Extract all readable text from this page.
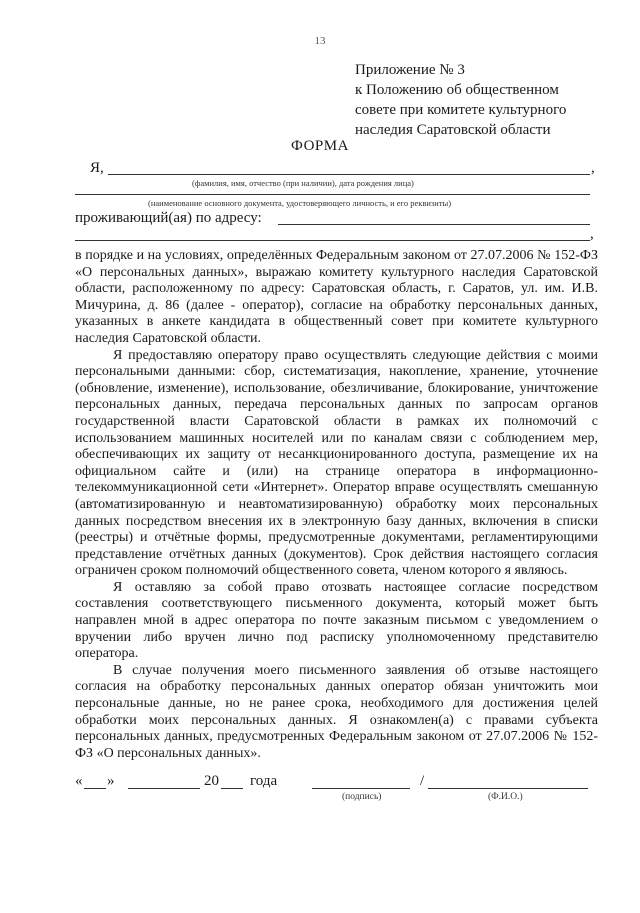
13
Приложение № 3
к Положению об общественном
совете при комитете культурного
наследия Саратовской области
ФОРМА
Я,	,
(фамилия, имя, отчество (при наличии), дата рождения лица)
(наименование основного документа, удостоверяющего личность, и его реквизиты)
проживающий(ая) по адресу:
,

в порядке и на условиях, определённых Федеральным законом от 27.07.2006 № 152-ФЗ «О персональных данных», выражаю комитету культурного наследия Саратовской области, расположенному по адресу: Саратовская область, г. Саратов, ул. им. И.В. Мичурина, д. 86 (далее - оператор), согласие на обработку персональных данных, указанных в анкете кандидата в общественный совет при комитете культурного наследия Саратовской области.

Я предоставляю оператору право осуществлять следующие действия с моими персональными данными: сбор, систематизация, накопление, хранение, уточнение (обновление, изменение), использование, обезличивание, блокирование, уничтожение персональных данных, передача персональных данных по запросам органов государственной власти Саратовской области в рамках их полномочий с использованием машинных носителей или по каналам связи с соблюдением мер, обеспечивающих их защиту от несанкционированного доступа, размещение их на официальном сайте и (или) на странице оператора в информационно-телекоммуникационной сети «Интернет». Оператор вправе осуществлять смешанную (автоматизированную и неавтоматизированную) обработку моих персональных данных посредством внесения их в электронную базу данных, включения в списки (реестры) и отчётные формы, предусмотренные документами, регламентирующими представление отчётных данных (документов). Срок действия настоящего согласия ограничен сроком полномочий общественного совета, членом которого я являюсь.

Я оставляю за собой право отозвать настоящее согласие посредством составления соответствующего письменного документа, который может быть направлен мной в адрес оператора по почте заказным письмом с уведомлением о вручении либо вручен лично под расписку уполномоченному представителю оператора.

В случае получения моего письменного заявления об отзыве настоящего согласия на обработку персональных данных оператор обязан уничтожить мои персональные данные, но не ранее срока, необходимого для достижения целей обработки моих персональных данных. Я ознакомлен(а) с правами субъекта персональных данных, предусмотренных Федеральным законом от 27.07.2006 № 152-ФЗ «О персональных данных».

« »	20 года
(подпись)
/
(Ф.И.О.)
